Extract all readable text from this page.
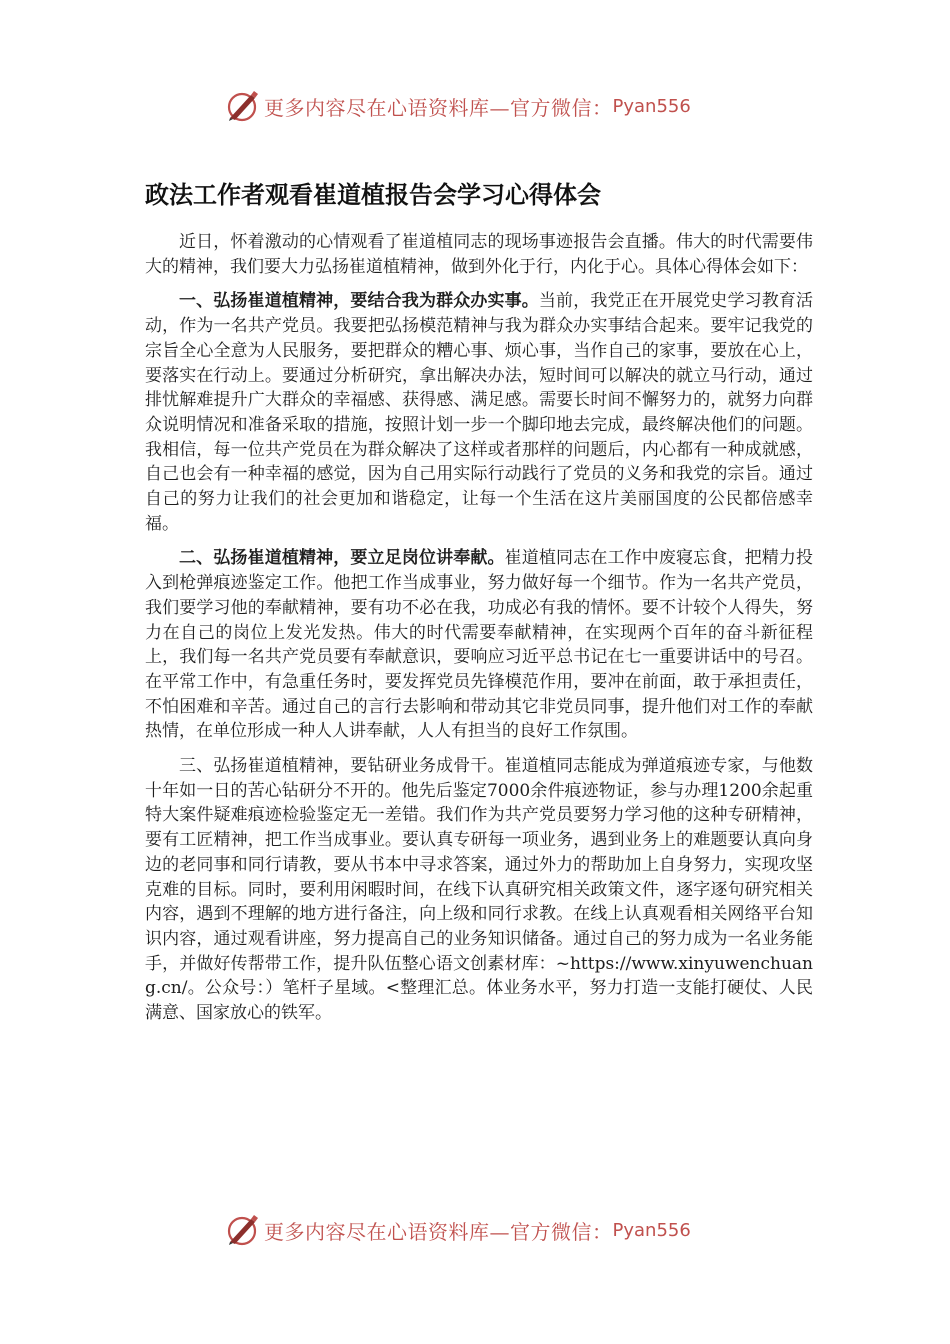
更多内容尽在心语资料库—官方微信： Pyan556
政法工作者观看崔道植报告会学习心得体会

近日，怀着激动的心情观看了崔道植同志的现场事迹报告会直播。伟大的时代需要伟大的精神，我们要大力弘扬崔道植精神，做到外化于行，内化于心。具体心得体会如下：

一、弘扬崔道植精神，要结合我为群众办实事。当前，我党正在开展党史学习教育活动，作为一名共产党员。我要把弘扬模范精神与我为群众办实事结合起来。要牢记我党的宗旨全心全意为人民服务，要把群众的糟心事、烦心事，当作自己的家事，要放在心上，要落实在行动上。要通过分析研究，拿出解决办法，短时间可以解决的就立马行动，通过排忧解难提升广大群众的幸福感、获得感、满足感。需要长时间不懈努力的，就努力向群众说明情况和准备采取的措施，按照计划一步一个脚印地去完成，最终解决他们的问题。我相信，每一位共产党员在为群众解决了这样或者那样的问题后，内心都有一种成就感，自己也会有一种幸福的感觉，因为自己用实际行动践行了党员的义务和我党的宗旨。通过自己的努力让我们的社会更加和谐稳定，让每一个生活在这片美丽国度的公民都倍感幸福。

二、弘扬崔道植精神，要立足岗位讲奉献。崔道植同志在工作中废寝忘食，把精力投入到枪弹痕迹鉴定工作。他把工作当成事业，努力做好每一个细节。作为一名共产党员，我们要学习他的奉献精神，要有功不必在我，功成必有我的情怀。要不计较个人得失，努力在自己的岗位上发光发热。伟大的时代需要奉献精神，在实现两个百年的奋斗新征程上，我们每一名共产党员要有奉献意识，要响应习近平总书记在七一重要讲话中的号召。在平常工作中，有急重任务时，要发挥党员先锋模范作用，要冲在前面，敢于承担责任，不怕困难和辛苦。通过自己的言行去影响和带动其它非党员同事，提升他们对工作的奉献热情，在单位形成一种人人讲奉献，人人有担当的良好工作氛围。

三、弘扬崔道植精神，要钻研业务成骨干。崔道植同志能成为弹道痕迹专家，与他数十年如一日的苦心钻研分不开的。他先后鉴定7000余件痕迹物证，参与办理1200余起重特大案件疑难痕迹检验鉴定无一差错。我们作为共产党员要努力学习他的这种专研精神，要有工匠精神，把工作当成事业。要认真专研每一项业务，遇到业务上的难题要认真向身边的老同事和同行请教，要从书本中寻求答案，通过外力的帮助加上自身努力，实现攻坚克难的目标。同时，要利用闲暇时间，在线下认真研究相关政策文件，逐字逐句研究相关内容，遇到不理解的地方进行备注，向上级和同行求教。在线上认真观看相关网络平台知识内容，通过观看讲座，努力提高自己的业务知识储备。通过自己的努力成为一名业务能手，并做好传帮带工作，提升队伍整心语文创素材库：~https://www.xinyuwenchuang.cn/。公众号：）笔杆子星域。<整理汇总。体业务水平，努力打造一支能打硬仗、人民满意、国家放心的铁军。

更多内容尽在心语资料库—官方微信： Pyan556
